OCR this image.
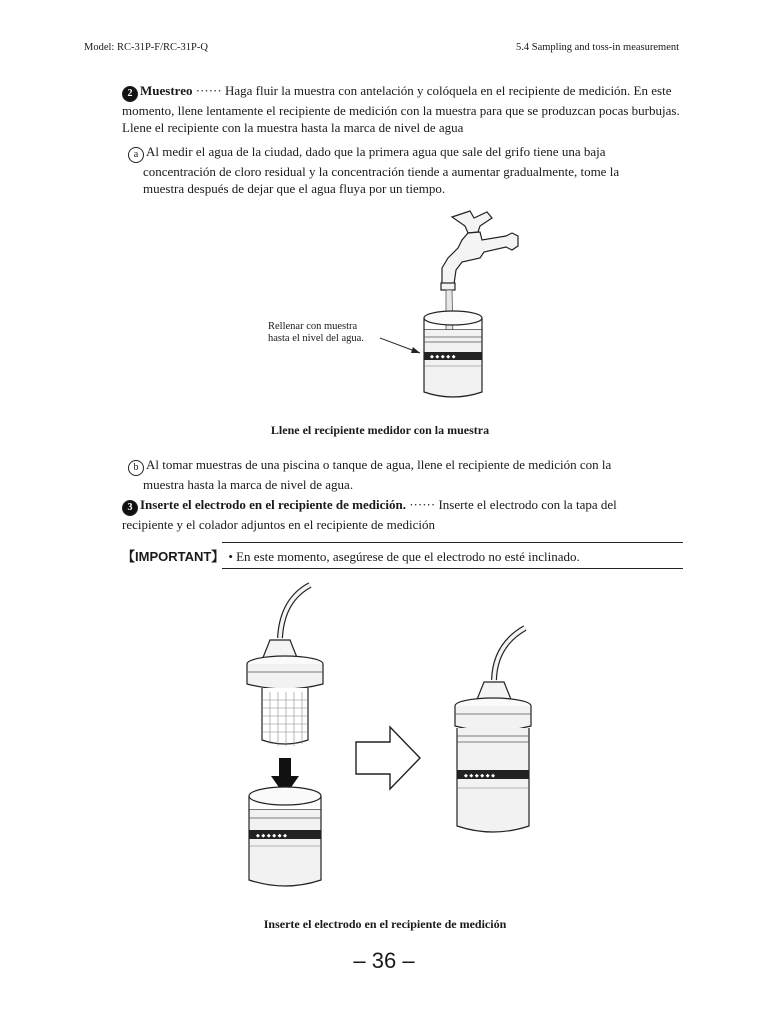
Model: RC-31P-F/RC-31P-Q	5.4 Sampling and toss-in measurement
2 Muestreo ······ Haga fluir la muestra con antelación y colóquela en el recipiente de medición. En este
momento, llene lentamente el recipiente de medición con la muestra para que se produzcan pocas burbujas.
Llene el recipiente con la muestra hasta la marca de nivel de agua
a Al medir el agua de la ciudad, dado que la primera agua que sale del grifo tiene una baja
concentración de cloro residual y la concentración tiende a aumentar gradualmente, tome la
muestra después de dejar que el agua fluya por un tiempo.
◆ ◆ ◆ ◆ ◆
Rellenar con muestra
hasta el nivel del agua.
Llene el recipiente medidor con la muestra
b Al tomar muestras de una piscina o tanque de agua, llene el recipiente de medición con la
muestra hasta la marca de nivel de agua.
3 Inserte el electrodo en el recipiente de medición. ······ Inserte el electrodo con la tapa del
recipiente y el colador adjuntos en el recipiente de medición
【IMPORTANT】 • En este momento, asegúrese de que el electrodo no esté inclinado.
◆ ◆ ◆ ◆ ◆ ◆
◆ ◆ ◆ ◆ ◆ ◆
Inserte el electrodo en el recipiente de medición
– 36 –
